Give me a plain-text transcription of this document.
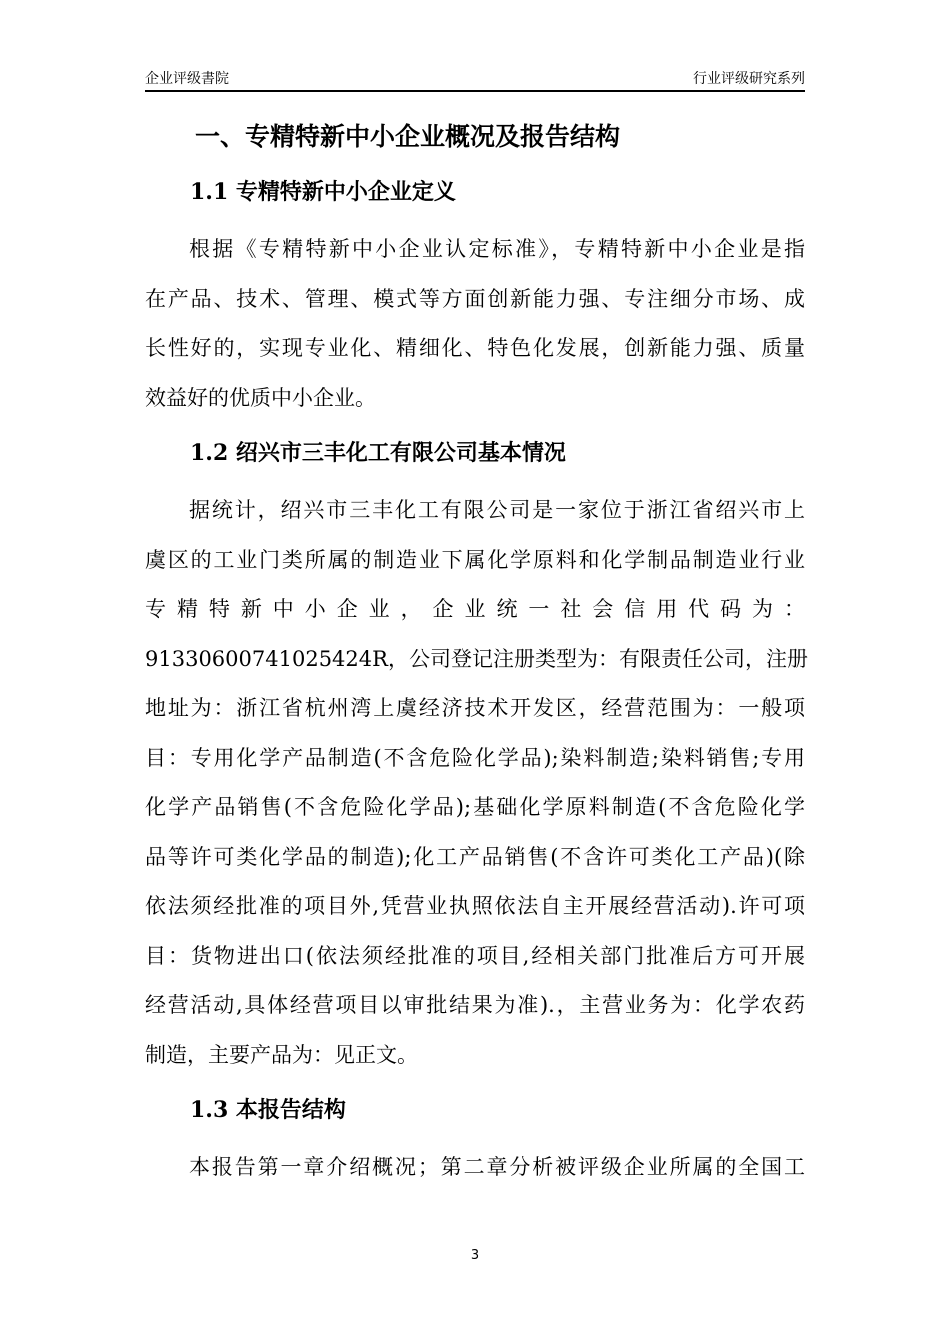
企业评级書院	行业评级研究系列
一、专精特新中小企业概况及报告结构
1.1 专精特新中小企业定义
根据《专精特新中小企业认定标准》，专精特新中小企业是指
在产品、技术、管理、模式等方面创新能力强、专注细分市场、成
长性好的，实现专业化、精细化、特色化发展，创新能力强、质量
效益好的优质中小企业。
1.2 绍兴市三丰化工有限公司基本情况
据统计，绍兴市三丰化工有限公司是一家位于浙江省绍兴市上
虞区的工业门类所属的制造业下属化学原料和化学制品制造业行业
专精特新中小企业，企业统一社会信用代码为：
91330600741025424R，公司登记注册类型为：有限责任公司，注册
地址为：浙江省杭州湾上虞经济技术开发区，经营范围为：一般项
目：专用化学产品制造(不含危险化学品);染料制造;染料销售;专用
化学产品销售(不含危险化学品);基础化学原料制造(不含危险化学
品等许可类化学品的制造);化工产品销售(不含许可类化工产品)(除
依法须经批准的项目外,凭营业执照依法自主开展经营活动).许可项
目：货物进出口(依法须经批准的项目,经相关部门批准后方可开展
经营活动,具体经营项目以审批结果为准).，主营业务为：化学农药
制造，主要产品为：见正文。
1.3 本报告结构
本报告第一章介绍概况；第二章分析被评级企业所属的全国工
3
